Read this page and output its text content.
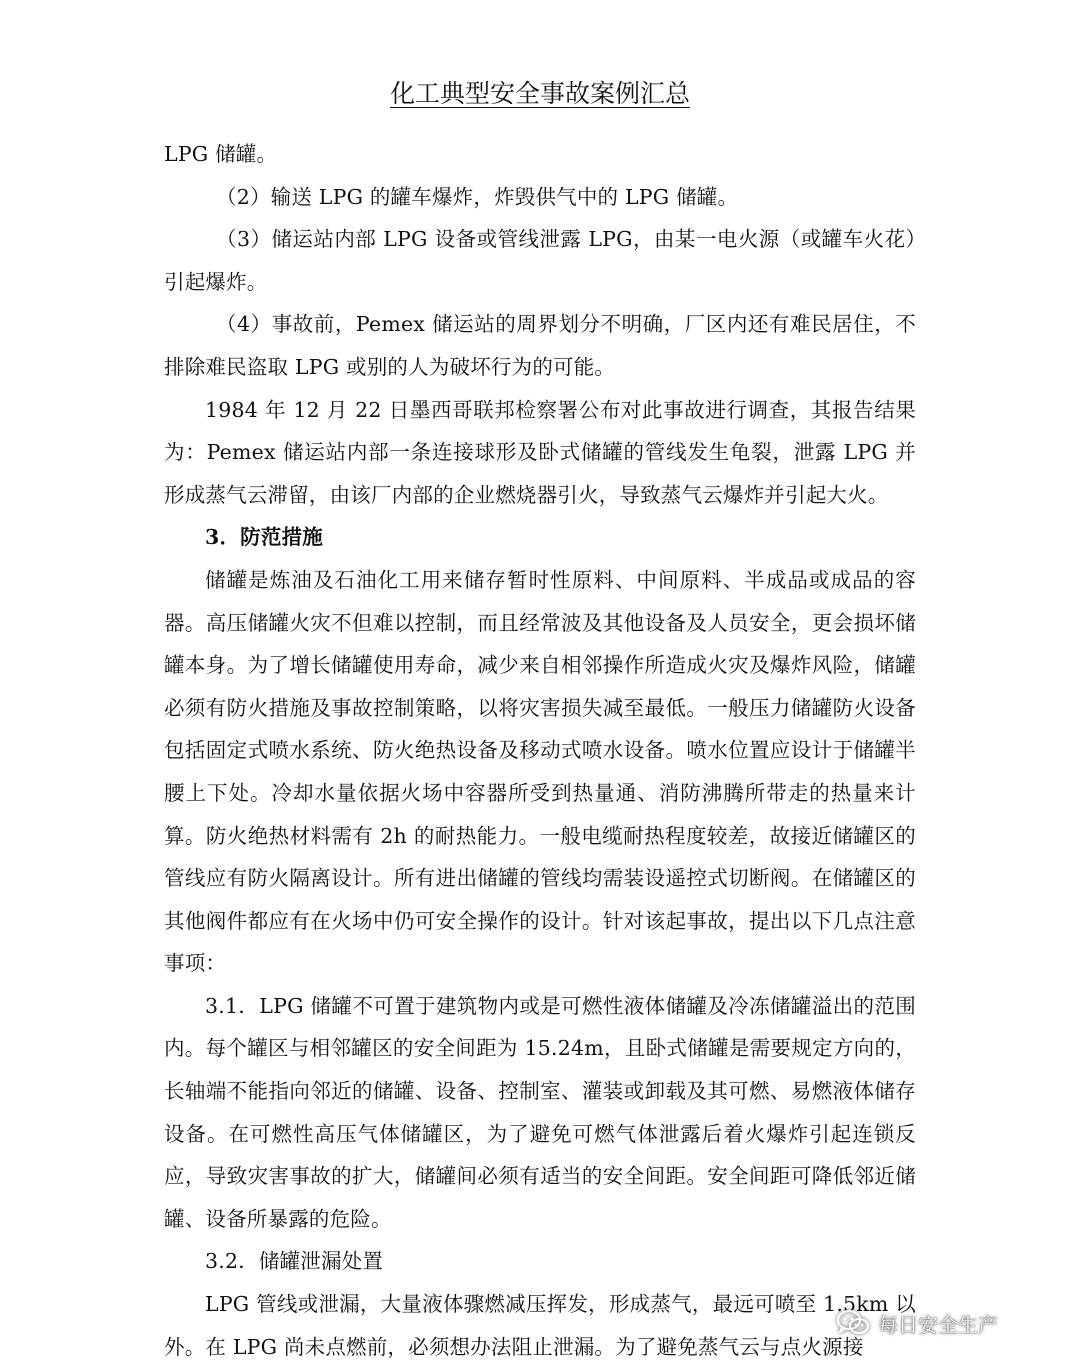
化工典型安全事故案例汇总

LPG 储罐。

（2）输送 LPG 的罐车爆炸，炸毁供气中的 LPG 储罐。

（3）储运站内部 LPG 设备或管线泄露 LPG，由某一电火源（或罐车火花）引起爆炸。

（4）事故前，Pemex 储运站的周界划分不明确，厂区内还有难民居住，不排除难民盗取 LPG 或别的人为破坏行为的可能。

1984 年 12 月 22 日墨西哥联邦检察署公布对此事故进行调查，其报告结果为：Pemex 储运站内部一条连接球形及卧式储罐的管线发生龟裂，泄露 LPG 并形成蒸气云滞留，由该厂内部的企业燃烧器引火，导致蒸气云爆炸并引起大火。

3．防范措施

储罐是炼油及石油化工用来储存暂时性原料、中间原料、半成品或成品的容器。高压储罐火灾不但难以控制，而且经常波及其他设备及人员安全，更会损坏储罐本身。为了增长储罐使用寿命，减少来自相邻操作所造成火灾及爆炸风险，储罐必须有防火措施及事故控制策略，以将灾害损失减至最低。一般压力储罐防火设备包括固定式喷水系统、防火绝热设备及移动式喷水设备。喷水位置应设计于储罐半腰上下处。冷却水量依据火场中容器所受到热量通、消防沸腾所带走的热量来计算。防火绝热材料需有 2h 的耐热能力。一般电缆耐热程度较差，故接近储罐区的管线应有防火隔离设计。所有进出储罐的管线均需装设遥控式切断阀。在储罐区的其他阀件都应有在火场中仍可安全操作的设计。针对该起事故，提出以下几点注意事项：

3.1．LPG 储罐不可置于建筑物内或是可燃性液体储罐及冷冻储罐溢出的范围内。每个罐区与相邻罐区的安全间距为 15.24m，且卧式储罐是需要规定方向的，长轴端不能指向邻近的储罐、设备、控制室、灌装或卸载及其可燃、易燃液体储存设备。在可燃性高压气体储罐区，为了避免可燃气体泄露后着火爆炸引起连锁反应，导致灾害事故的扩大，储罐间必须有适当的安全间距。安全间距可降低邻近储罐、设备所暴露的危险。

3.2．储罐泄漏处置

LPG 管线或泄漏，大量液体骤燃减压挥发，形成蒸气，最远可喷至 1.5km 以外。在 LPG 尚未点燃前，必须想办法阻止泄漏。为了避免蒸气云与点火源接

每日安全生产
